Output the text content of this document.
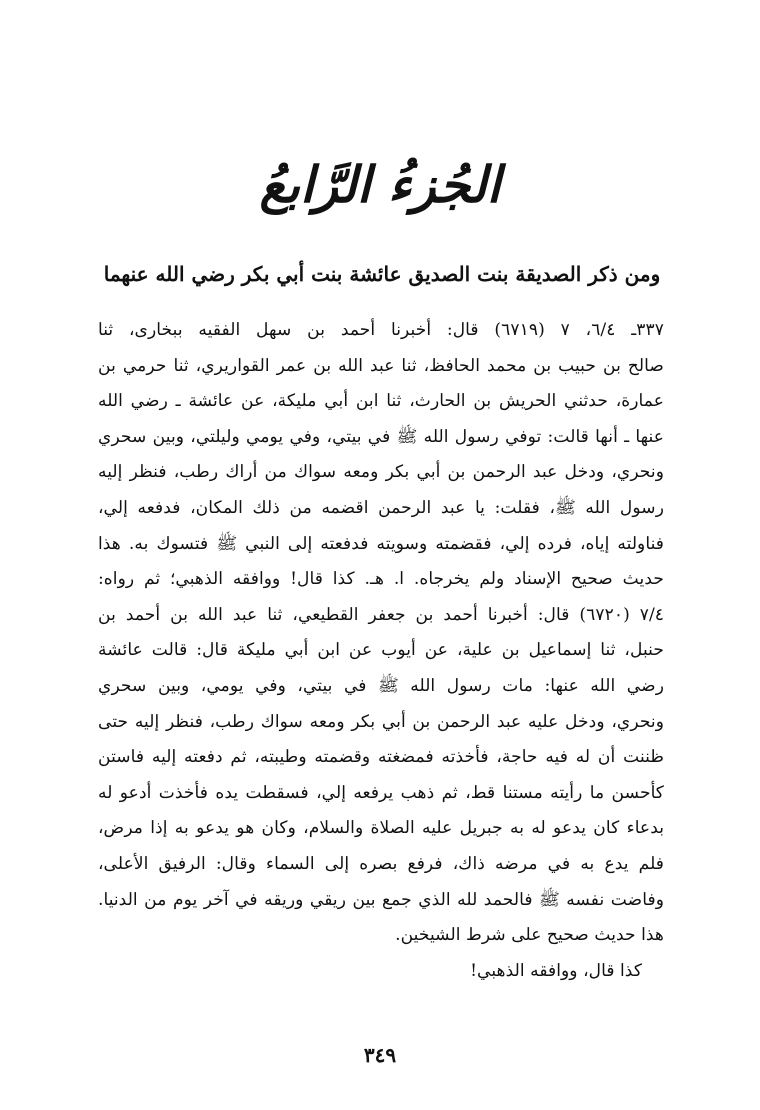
الجُزءُ الرَّابعُ
ومن ذكر الصديقة بنت الصديق عائشة بنت أبي بكر رضي الله عنهما
٣٣٧ـ ٦/٤، ٧ (٦٧١٩) قال: أخبرنا أحمد بن سهل الفقيه ببخارى، ثنا
صالح بن حبيب بن محمد الحافظ، ثنا عبد الله بن عمر القواريري، ثنا حرمي بن
عمارة، حدثني الحريش بن الحارث، ثنا ابن أبي مليكة، عن عائشة ـ رضي الله
عنها ـ أنها قالت: توفي رسول الله ﷺ في بيتي، وفي يومي وليلتي، وبين سحري
ونحري، ودخل عبد الرحمن بن أبي بكر ومعه سواك من أراك رطب، فنظر إليه
رسول الله ﷺ، فقلت: يا عبد الرحمن اقضمه من ذلك المكان، فدفعه إلي،
فناولته إياه، فرده إلي، فقضمته وسويته فدفعته إلى النبي ﷺ فتسوك به. هذا
حديث صحيح الإسناد ولم يخرجاه. ا. هـ. كذا قال! ووافقه الذهبي؛ ثم رواه:
٧/٤ (٦٧٢٠) قال: أخبرنا أحمد بن جعفر القطيعي، ثنا عبد الله بن أحمد بن
حنبل، ثنا إسماعيل بن علية، عن أيوب عن ابن أبي مليكة قال: قالت عائشة
رضي الله عنها: مات رسول الله ﷺ في بيتي، وفي يومي، وبين سحري
ونحري، ودخل عليه عبد الرحمن بن أبي بكر ومعه سواك رطب، فنظر إليه حتى
ظننت أن له فيه حاجة، فأخذته فمضغته وقضمته وطيبته، ثم دفعته إليه فاستن
كأحسن ما رأيته مستنا قط، ثم ذهب يرفعه إلي، فسقطت يده فأخذت أدعو له
بدعاء كان يدعو له به جبريل عليه الصلاة والسلام، وكان هو يدعو به إذا مرض،
فلم يدع به في مرضه ذاك، فرفع بصره إلى السماء وقال: الرفيق الأعلى،
وفاضت نفسه ﷺ فالحمد لله الذي جمع بين ريقي وريقه في آخر يوم من الدنيا.
هذا حديث صحيح على شرط الشيخين.
كذا قال، ووافقه الذهبي!
٣٤٩
